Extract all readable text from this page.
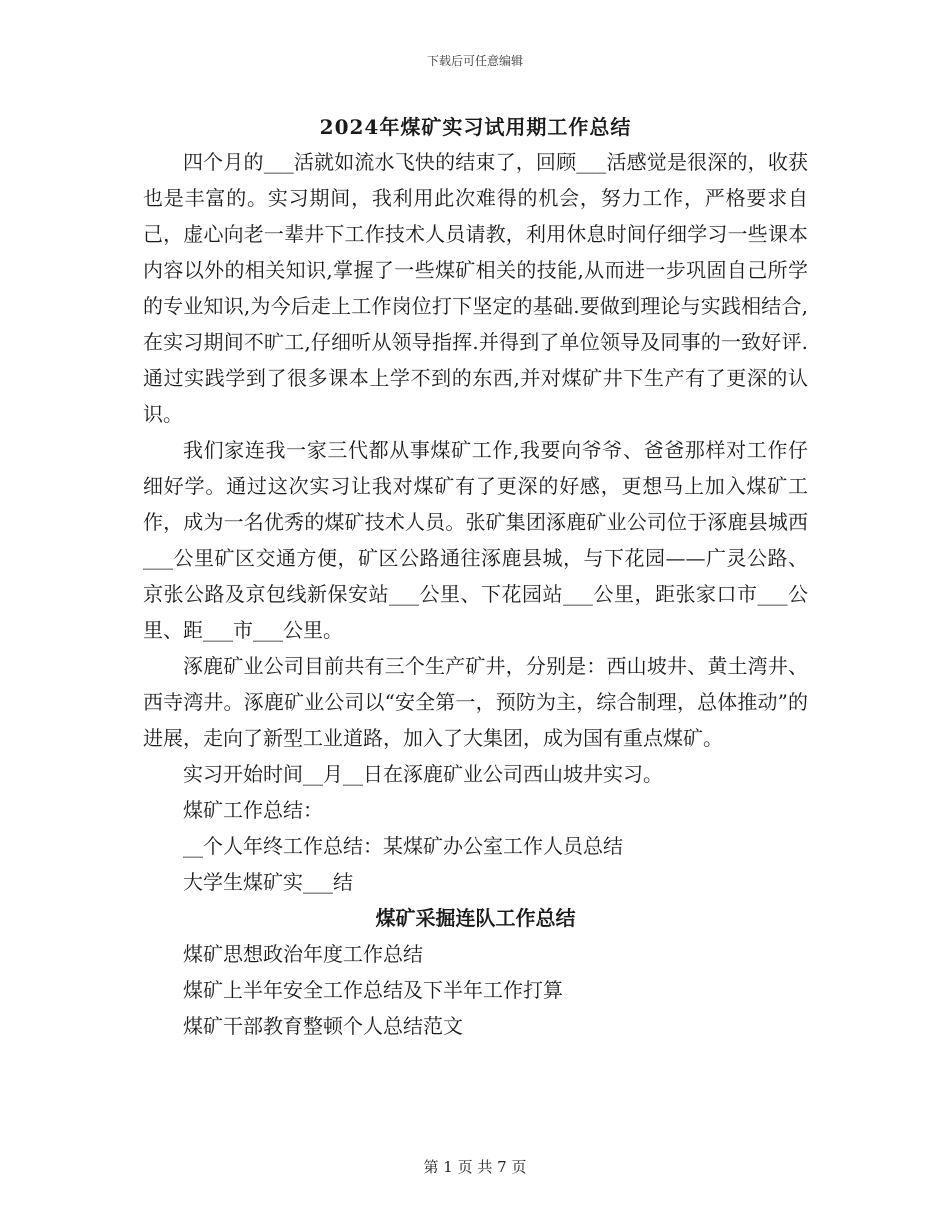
下载后可任意编辑
2024年煤矿实习试用期工作总结

四个月的___活就如流水飞快的结束了，回顾___活感觉是很深的，收获也是丰富的。实习期间，我利用此次难得的机会，努力工作，严格要求自己，虚心向老一辈井下工作技术人员请教，利用休息时间仔细学习一些课本内容以外的相关知识,掌握了一些煤矿相关的技能,从而进一步巩固自己所学的专业知识,为今后走上工作岗位打下坚定的基础.要做到理论与实践相结合,在实习期间不旷工,仔细听从领导指挥.并得到了单位领导及同事的一致好评.通过实践学到了很多课本上学不到的东西,并对煤矿井下生产有了更深的认识。

我们家连我一家三代都从事煤矿工作,我要向爷爷、爸爸那样对工作仔细好学。通过这次实习让我对煤矿有了更深的好感，更想马上加入煤矿工作，成为一名优秀的煤矿技术人员。张矿集团涿鹿矿业公司位于涿鹿县城西___公里矿区交通方便，矿区公路通往涿鹿县城，与下花园——广灵公路、京张公路及京包线新保安站___公里、下花园站___公里，距张家口市___公里、距___市___公里。

涿鹿矿业公司目前共有三个生产矿井，分别是：西山坡井、黄土湾井、西寺湾井。涿鹿矿业公司以“安全第一，预防为主，综合制理，总体推动”的进展，走向了新型工业道路，加入了大集团，成为国有重点煤矿。

实习开始时间__月__日在涿鹿矿业公司西山坡井实习。

煤矿工作总结：

__个人年终工作总结：某煤矿办公室工作人员总结

大学生煤矿实___结

煤矿采掘连队工作总结

煤矿思想政治年度工作总结

煤矿上半年安全工作总结及下半年工作打算

煤矿干部教育整顿个人总结范文

第 1 页 共 7 页
